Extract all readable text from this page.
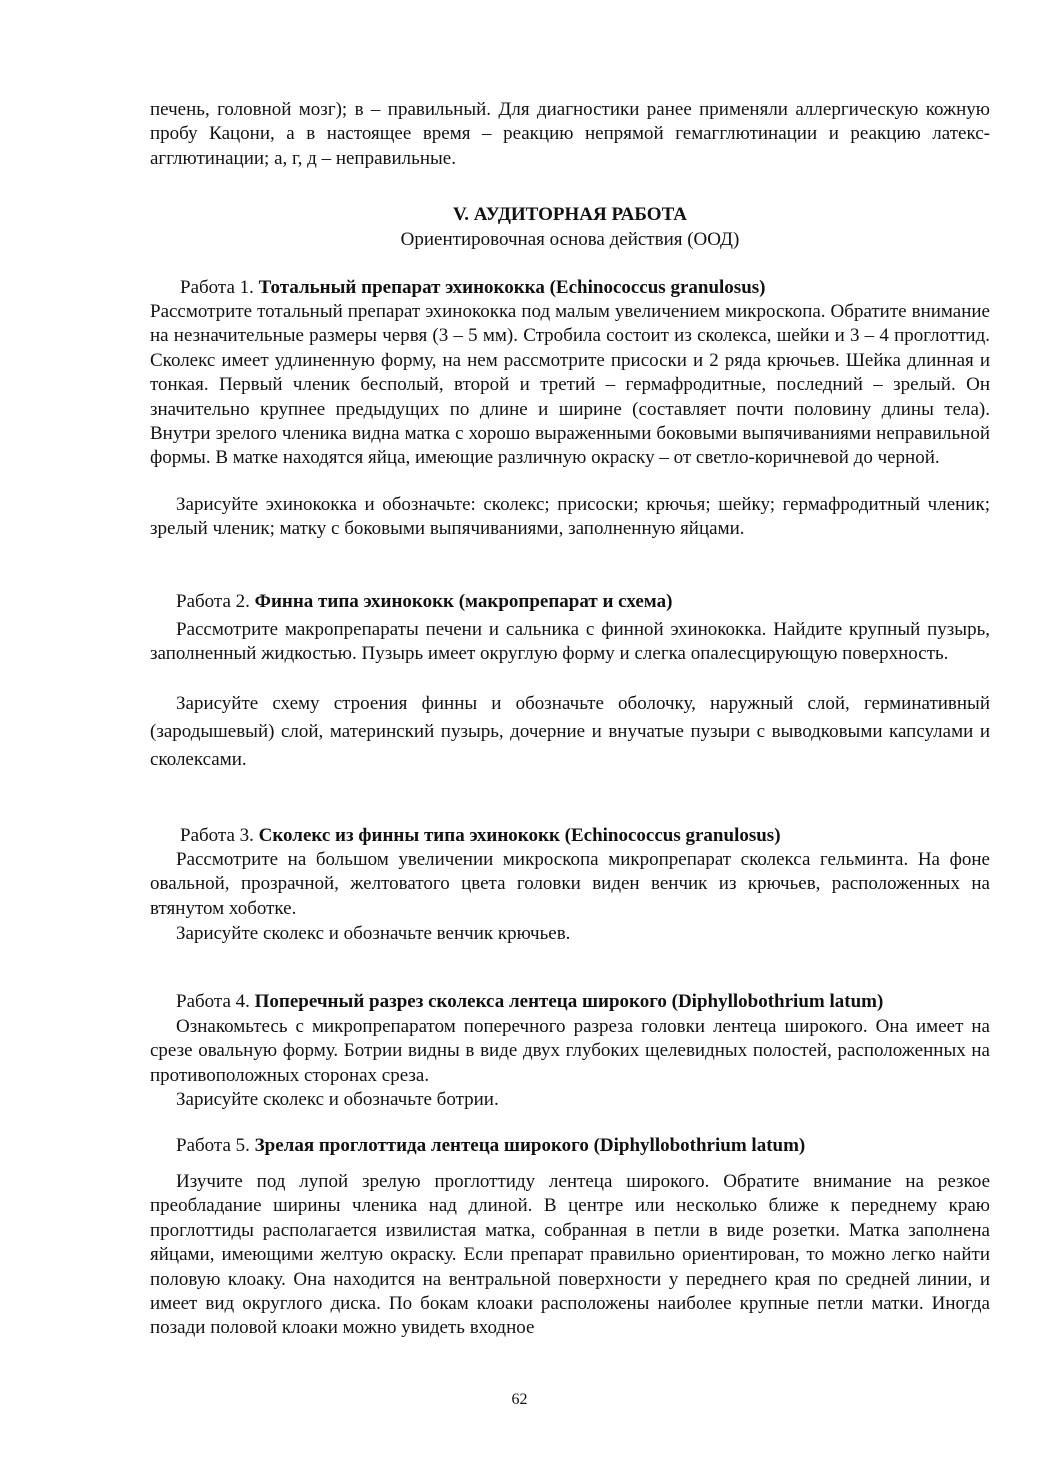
печень, головной мозг); в – правильный. Для диагностики ранее применяли аллергическую кожную пробу Кацони, а в настоящее время – реакцию непрямой гемагглютинации и реакцию латекс-агглютинации; а, г, д – неправильные.

V. АУДИТОРНАЯ РАБОТА

Ориентировочная основа действия (ООД)

Работа 1. Тотальный препарат эхинококка (Echinococcus granulosus)

Рассмотрите тотальный препарат эхинококка под малым увеличением микроскопа. Обратите внимание на незначительные размеры червя (3 – 5 мм). Стробила состоит из сколекса, шейки и 3 – 4 проглоттид. Сколекс имеет удлиненную форму, на нем рассмотрите присоски и 2 ряда крючьев. Шейка длинная и тонкая. Первый членик бесполый, второй и третий – гермафродитные, последний – зрелый. Он значительно крупнее предыдущих по длине и ширине (составляет почти половину длины тела). Внутри зрелого членика видна матка с хорошо выраженными боковыми выпячиваниями неправильной формы. В матке находятся яйца, имеющие различную окраску – от светло-коричневой до черной.

Зарисуйте эхинококка и обозначьте: сколекс; присоски; крючья; шейку; гермафродитный членик; зрелый членик; матку с боковыми выпячиваниями, заполненную яйцами.

Работа 2. Финна типа эхинококк (макропрепарат и схема)

Рассмотрите макропрепараты печени и сальника с финной эхинококка. Найдите крупный пузырь, заполненный жидкостью. Пузырь имеет округлую форму и слегка опалесцирующую поверхность.

Зарисуйте схему строения финны и обозначьте оболочку, наружный слой, герминативный (зародышевый) слой, материнский пузырь, дочерние и внучатые пузыри с выводковыми капсулами и сколексами.

Работа 3. Сколекс из финны типа эхинококк (Echinococcus granulosus)

Рассмотрите на большом увеличении микроскопа микропрепарат сколекса гельминта. На фоне овальной, прозрачной, желтоватого цвета головки виден венчик из крючьев, расположенных на втянутом хоботке.

Зарисуйте сколекс и обозначьте венчик крючьев.

Работа 4. Поперечный разрез сколекса лентеца широкого (Diphyllobothrium latum)

Ознакомьтесь с микропрепаратом поперечного разреза головки лентеца широкого. Она имеет на срезе овальную форму. Ботрии видны в виде двух глубоких щелевидных полостей, расположенных на противоположных сторонах среза.

Зарисуйте сколекс и обозначьте ботрии.

Работа 5. Зрелая проглоттида лентеца широкого (Diphyllobothrium latum)

Изучите под лупой зрелую проглоттиду лентеца широкого. Обратите внимание на резкое преобладание ширины членика над длиной. В центре или несколько ближе к переднему краю проглоттиды располагается извилистая матка, собранная в петли в виде розетки. Матка заполнена яйцами, имеющими желтую окраску. Если препарат правильно ориентирован, то можно легко найти половую клоаку. Она находится на вентральной поверхности у переднего края по средней линии, и имеет вид округлого диска. По бокам клоаки расположены наиболее крупные петли матки. Иногда позади половой клоаки можно увидеть входное

62
